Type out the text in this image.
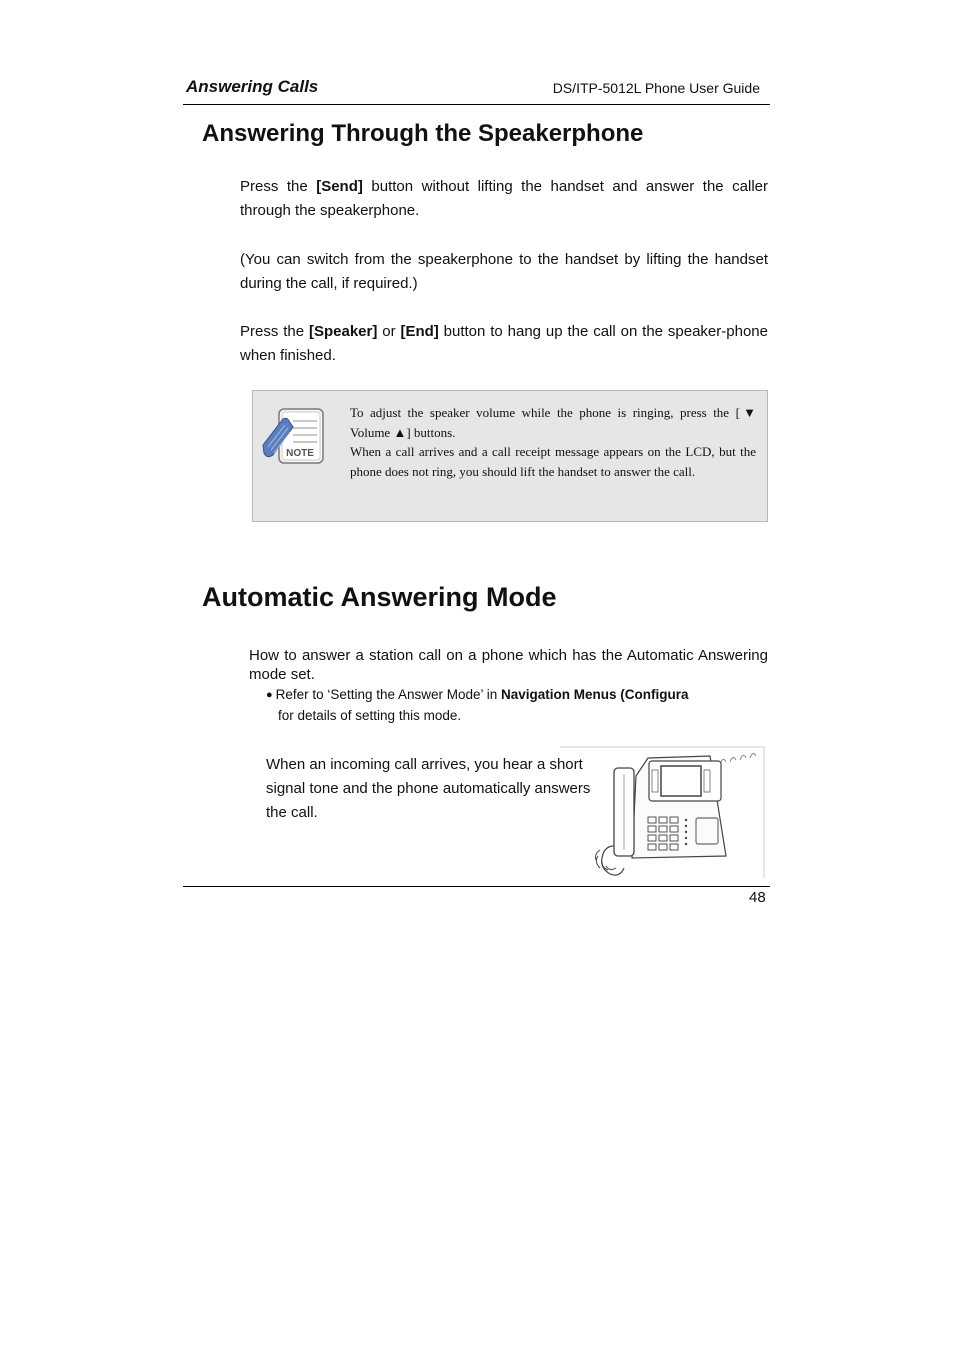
Answering Calls	DS/ITP-5012L Phone User Guide
Answering Through the Speakerphone

Press the [Send] button without lifting the handset and answer the caller through the speakerphone.

(You can switch from the speakerphone to the handset by lifting the handset during the call, if required.)

Press the [Speaker] or [End] button to hang up the call on the speaker-phone when finished.

NOTE
To adjust the speaker volume while the phone is ringing, press the [▼ Volume ▲] buttons.
When a call arrives and a call receipt message appears on the LCD, but the phone does not ring, you should lift the handset to answer the call.
Automatic Answering Mode

How to answer a station call on a phone which has the Automatic Answering mode set.

● Refer to ‘Setting the Answer Mode’ in Navigation Menus (Configura
for details of setting this mode.

When an incoming call arrives, you hear a short signal tone and the phone automatically answers the call.

48
